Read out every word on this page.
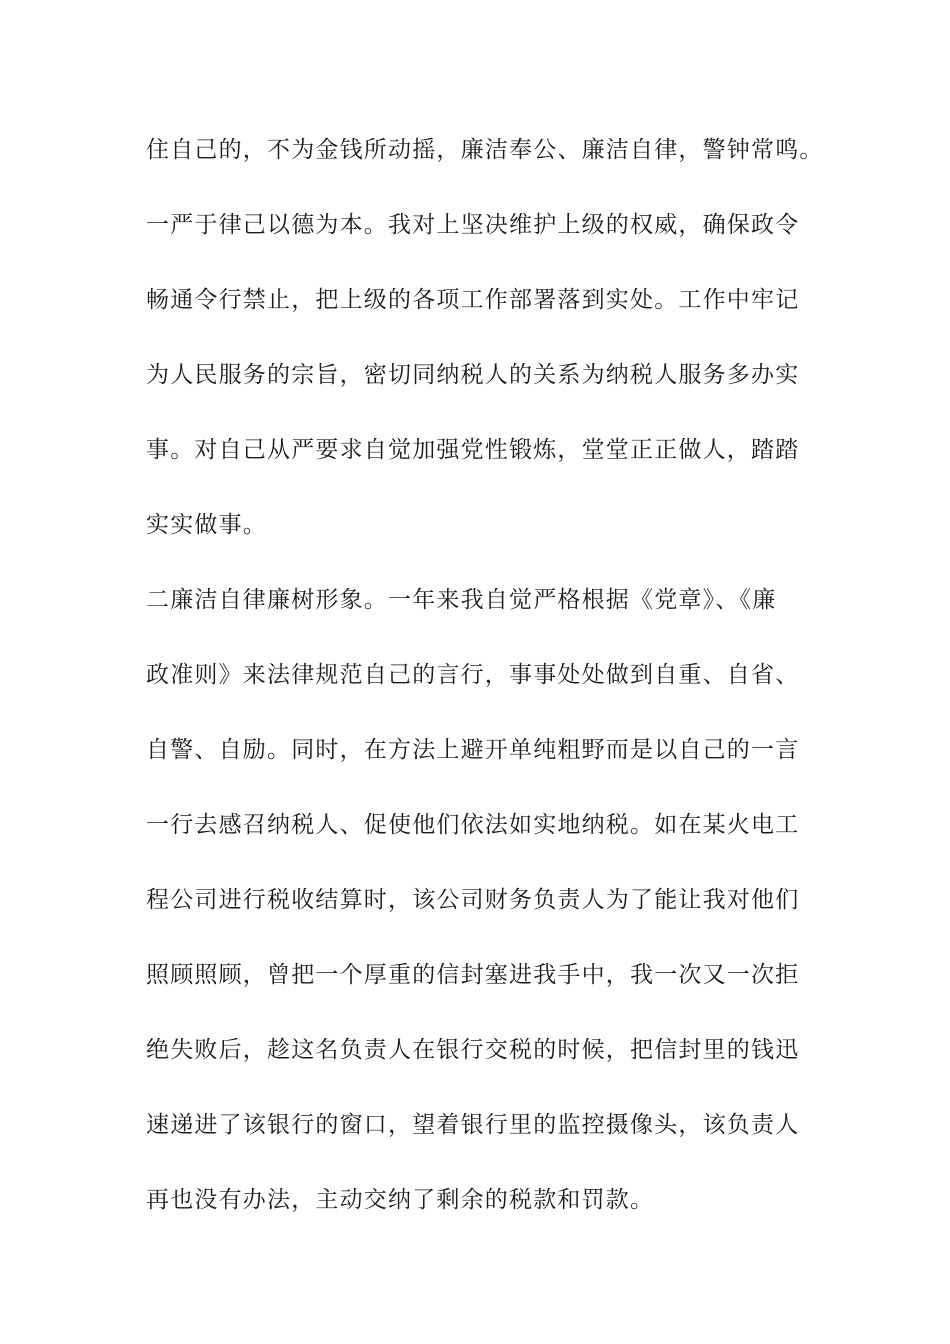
住自己的，不为金钱所动摇，廉洁奉公、廉洁自律，警钟常鸣。
一严于律己以德为本。我对上坚决维护上级的权威，确保政令
畅通令行禁止，把上级的各项工作部署落到实处。工作中牢记
为人民服务的宗旨，密切同纳税人的关系为纳税人服务多办实
事。对自己从严要求自觉加强党性锻炼，堂堂正正做人，踏踏
实实做事。
二廉洁自律廉树形象。一年来我自觉严格根据《党章》、《廉
政准则》来法律规范自己的言行，事事处处做到自重、自省、
自警、自励。同时，在方法上避开单纯粗野而是以自己的一言
一行去感召纳税人、促使他们依法如实地纳税。如在某火电工
程公司进行税收结算时，该公司财务负责人为了能让我对他们
照顾照顾，曾把一个厚重的信封塞进我手中，我一次又一次拒
绝失败后，趁这名负责人在银行交税的时候，把信封里的钱迅
速递进了该银行的窗口，望着银行里的监控摄像头，该负责人
再也没有办法，主动交纳了剩余的税款和罚款。
